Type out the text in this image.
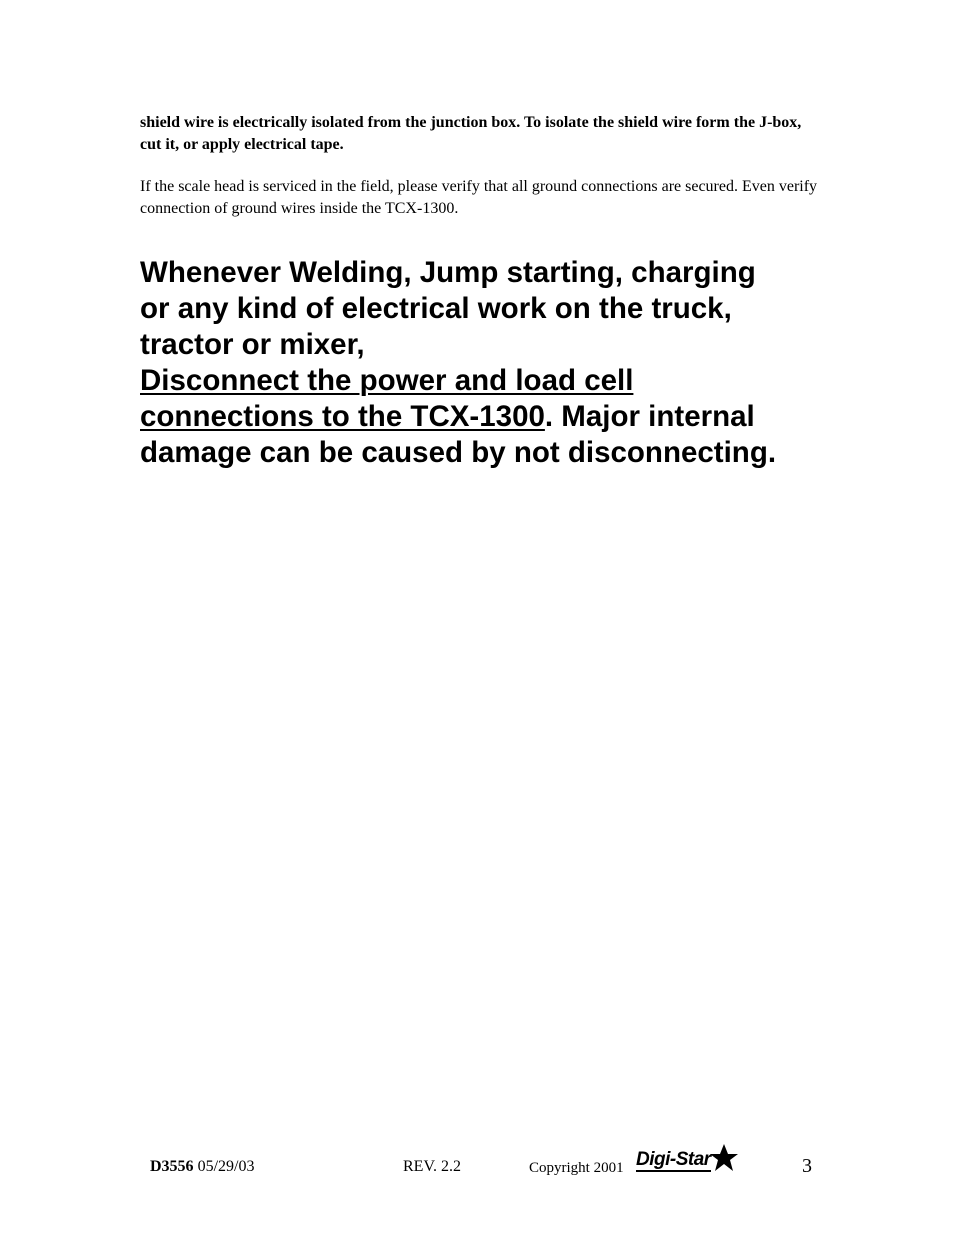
shield wire is electrically isolated from the junction box. To isolate the shield wire form the J-box, cut it, or apply electrical tape.

If the scale head is serviced in the field, please verify that all ground connections are secured. Even verify connection of ground wires inside the TCX-1300.

Whenever Welding, Jump starting, charging
or any kind of electrical work on the truck,
tractor or mixer,
Disconnect the power and load cell
connections to the TCX-1300. Major internal
damage can be caused by not disconnecting.
D3556 05/29/03	REV. 2.2	Copyright 2001 Digi-Star	3
